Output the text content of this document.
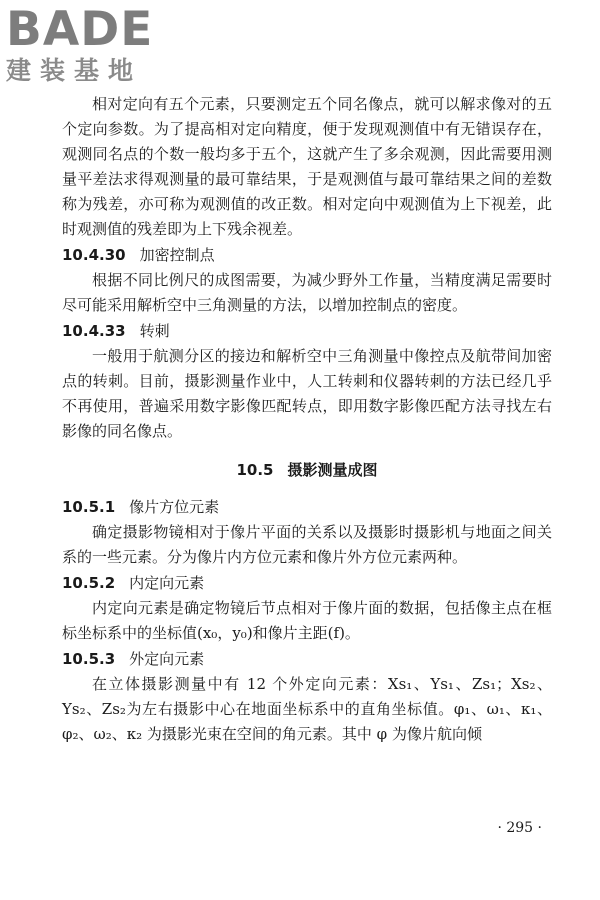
BADE
建装基地

相对定向有五个元素，只要测定五个同名像点，就可以解求像对的五个定向参数。为了提高相对定向精度，便于发现观测值中有无错误存在，观测同名点的个数一般均多于五个，这就产生了多余观测，因此需要用测量平差法求得观测量的最可靠结果，于是观测值与最可靠结果之间的差数称为残差，亦可称为观测值的改正数。相对定向中观测值为上下视差，此时观测值的残差即为上下残余视差。

10.4.30 加密控制点

根据不同比例尺的成图需要，为减少野外工作量，当精度满足需要时尽可能采用解析空中三角测量的方法，以增加控制点的密度。

10.4.33 转刺

一般用于航测分区的接边和解析空中三角测量中像控点及航带间加密点的转刺。目前，摄影测量作业中，人工转刺和仪器转刺的方法已经几乎不再使用，普遍采用数字影像匹配转点，即用数字影像匹配方法寻找左右影像的同名像点。

10.5 摄影测量成图
10.5.1 像片方位元素

确定摄影物镜相对于像片平面的关系以及摄影时摄影机与地面之间关系的一些元素。分为像片内方位元素和像片外方位元素两种。

10.5.2 内定向元素

内定向元素是确定物镜后节点相对于像片面的数据，包括像主点在框标坐标系中的坐标值(x₀，y₀)和像片主距(f)。

10.5.3 外定向元素

在立体摄影测量中有 12 个外定向元素：Xs₁、Ys₁、Zs₁；Xs₂、Ys₂、Zs₂为左右摄影中心在地面坐标系中的直角坐标值。φ₁、ω₁、κ₁、φ₂、ω₂、κ₂ 为摄影光束在空间的角元素。其中 φ 为像片航向倾

· 295 ·
